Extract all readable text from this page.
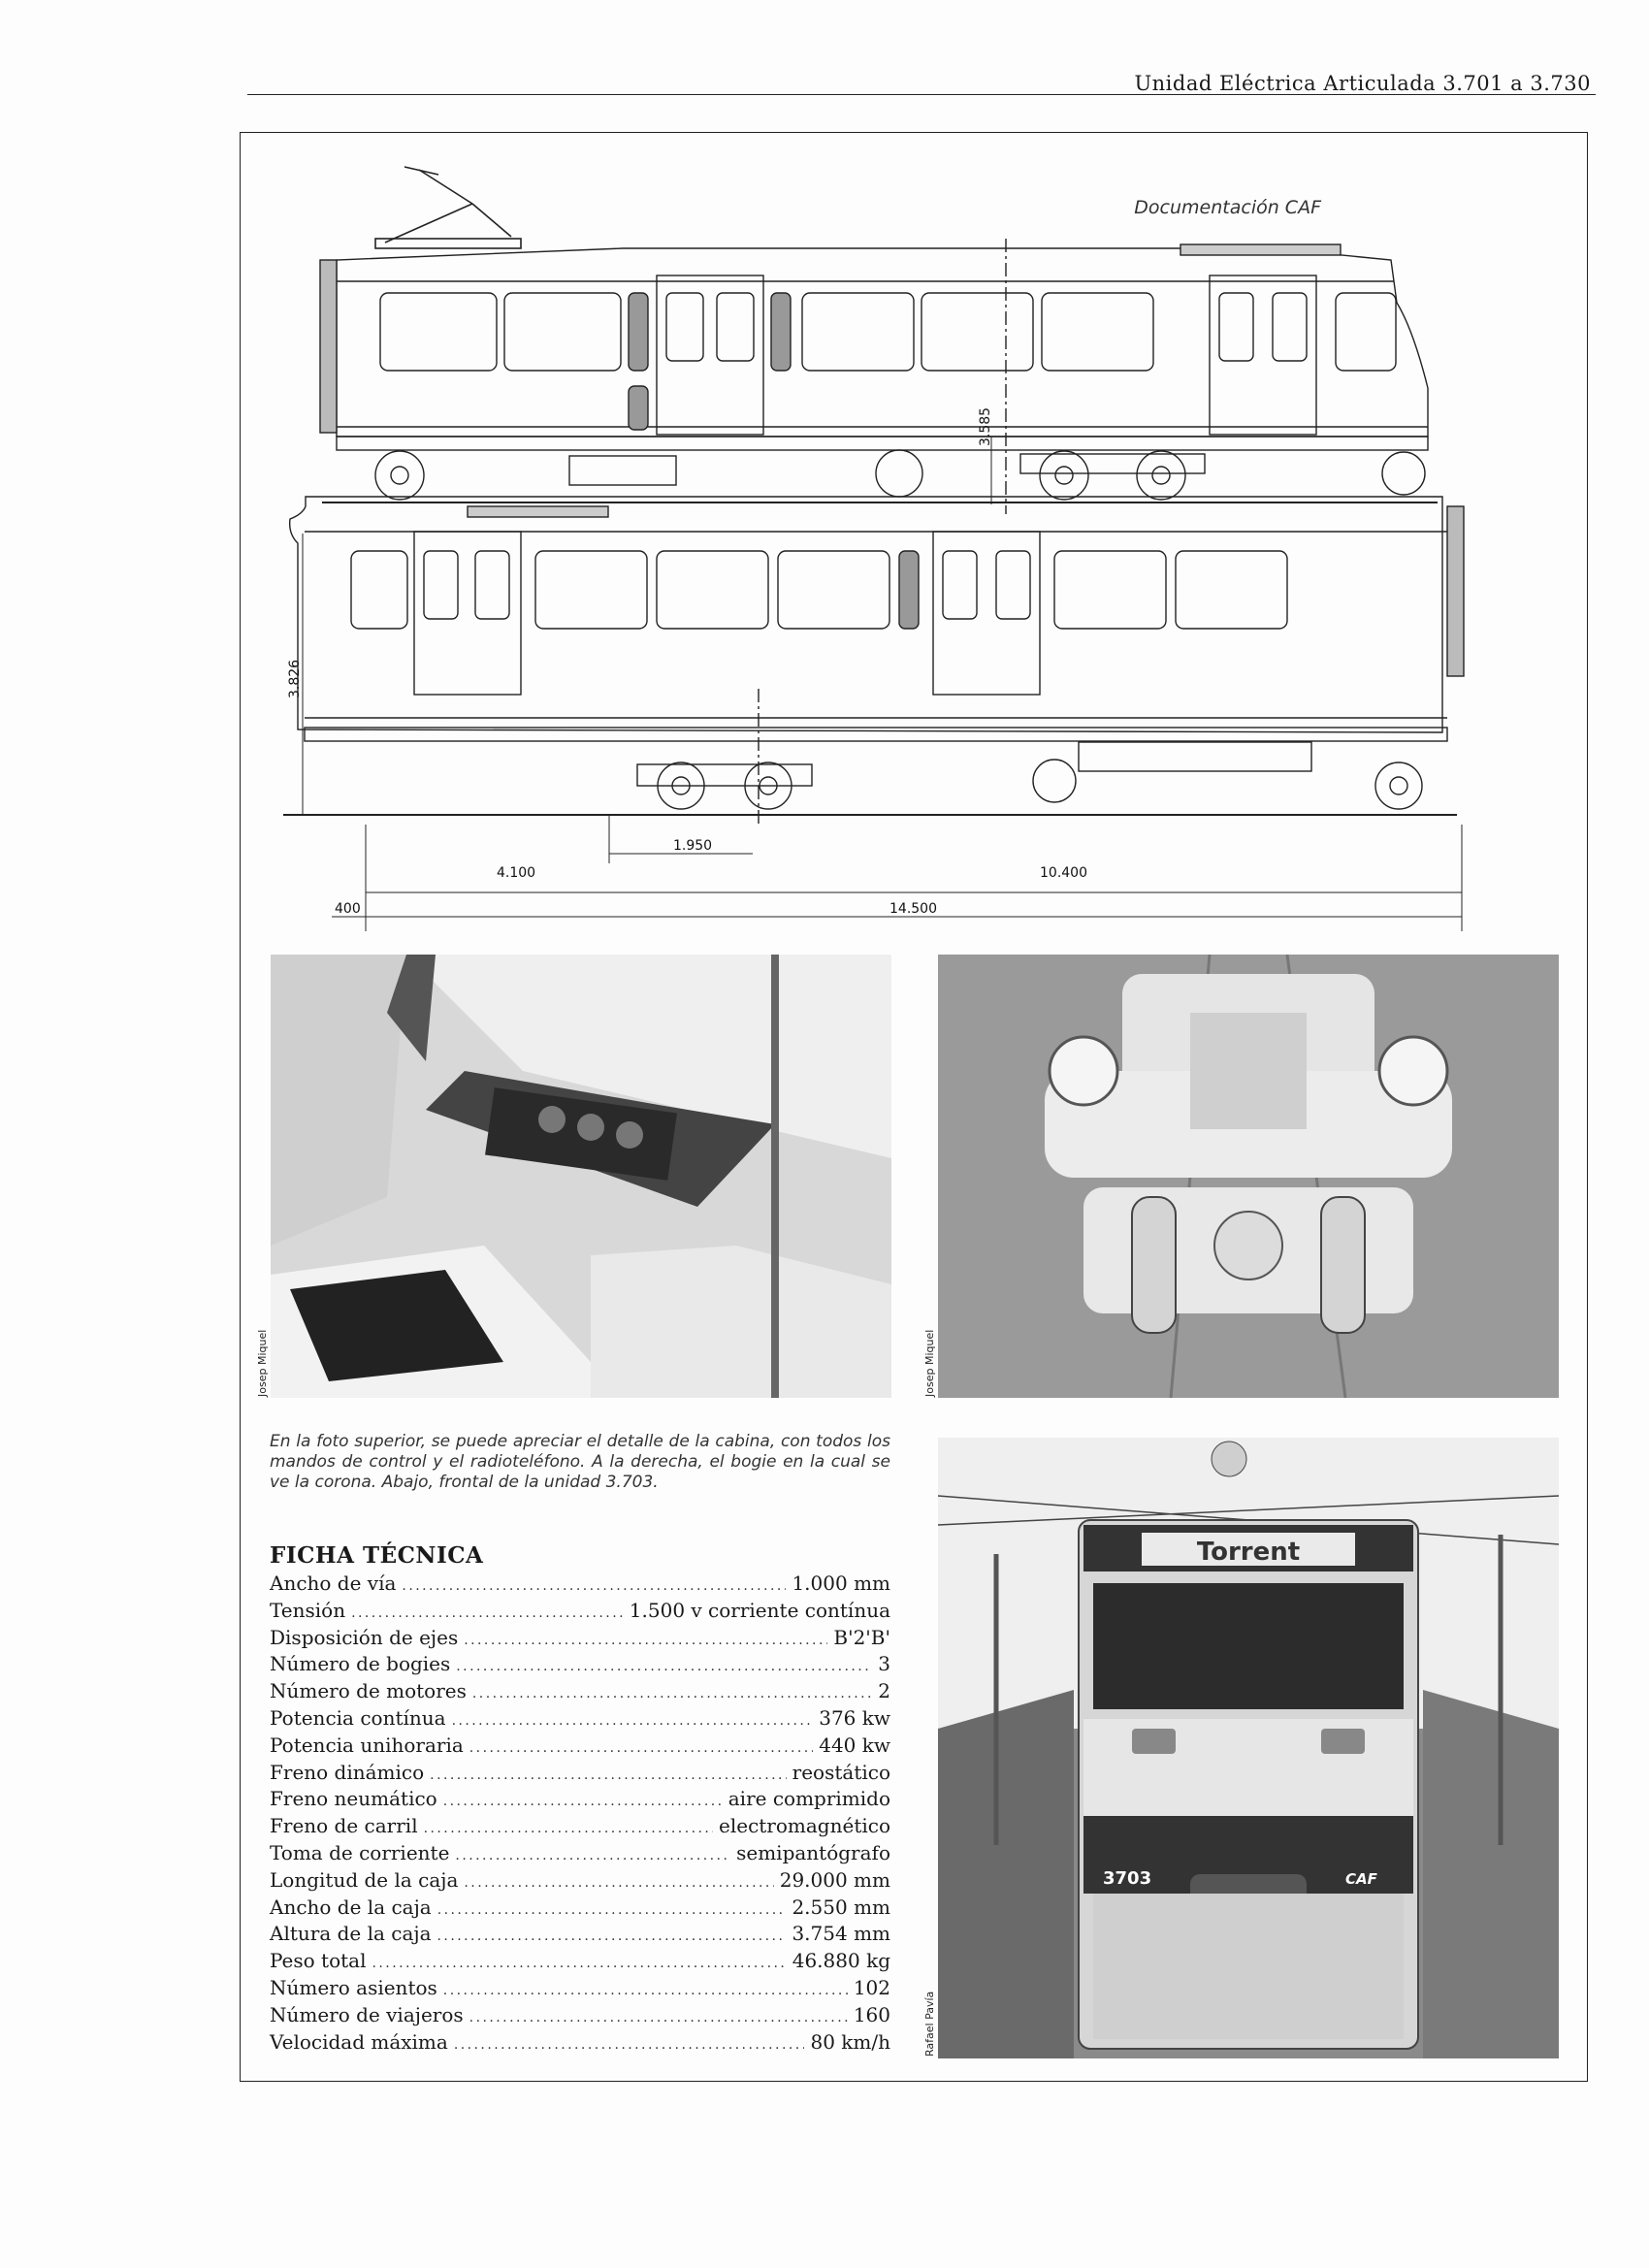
Unidad Eléctrica Articulada 3.701 a 3.730
Documentación CAF
3.585
3.826
1.950
4.100	10.400
400	14.500
Josep Miquel	Josep Miquel
En la foto superior, se puede apreciar el detalle de la cabina, con todos los mandos de control y el radioteléfono. A la derecha, el bogie en la cual se ve la corona. Abajo, frontal de la unidad 3.703.
Torrent
3703	CAF
Rafael Pavía
FICHA TÉCNICA
Ancho de vía . . .	1.000 mm
Tensión . . .	1.500 v corriente contínua
Disposición de ejes . . .	B'2'B'
Número de bogies . . .	3
Número de motores . . .	2
Potencia contínua . . .	376 kw
Potencia unihoraria . . .	440 kw
Freno dinámico . . .	reostático
Freno neumático . . .	aire comprimido
Freno de carril . . .	electromagnético
Toma de corriente . . .	semipantógrafo
Longitud de la caja . . .	29.000 mm
Ancho de la caja . . .	2.550 mm
Altura de la caja . . .	3.754 mm
Peso total . . .	46.880 kg
Número asientos . . .	102
Número de viajeros . . .	160
Velocidad máxima . . .	80 km/h
